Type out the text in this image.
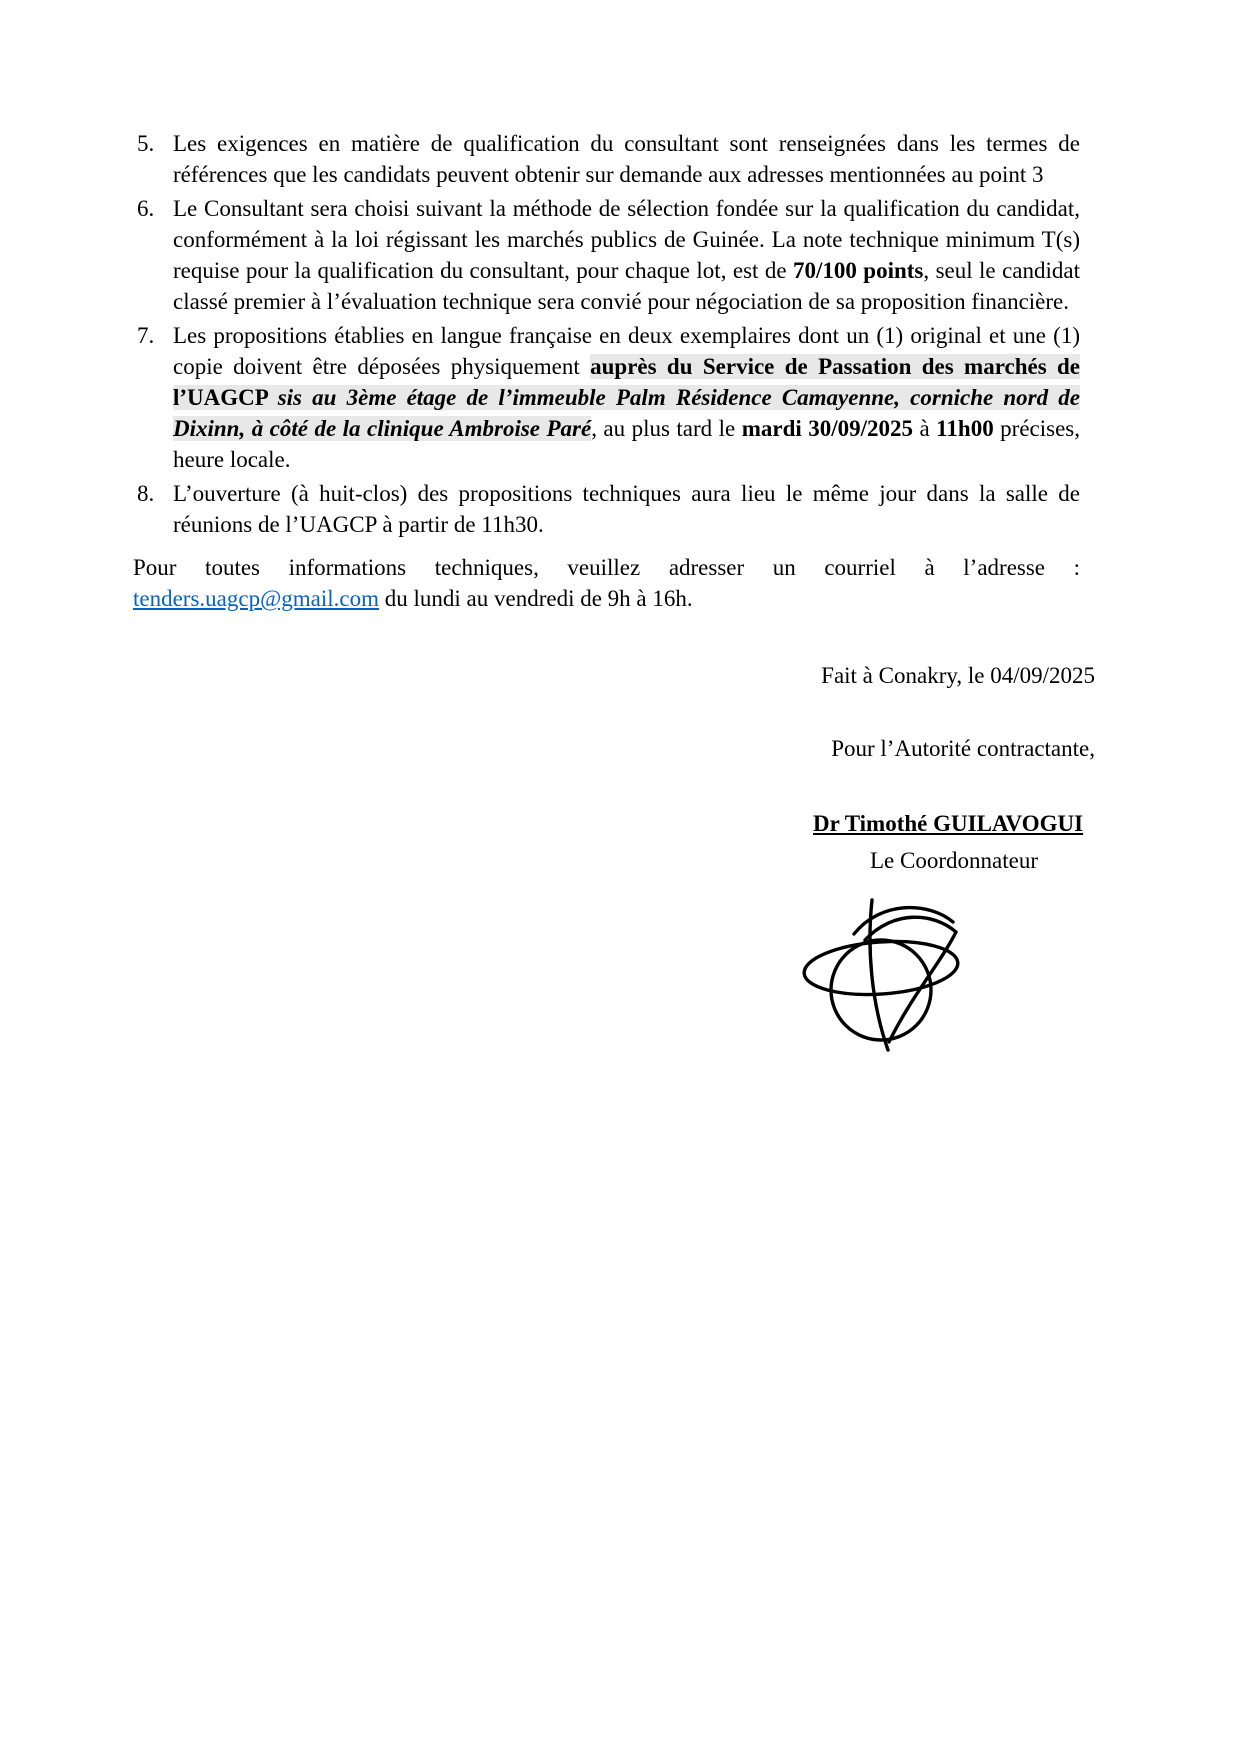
5. Les exigences en matière de qualification du consultant sont renseignées dans les termes de références que les candidats peuvent obtenir sur demande aux adresses mentionnées au point 3
6. Le Consultant sera choisi suivant la méthode de sélection fondée sur la qualification du candidat, conformément à la loi régissant les marchés publics de Guinée. La note technique minimum T(s) requise pour la qualification du consultant, pour chaque lot, est de 70/100 points, seul le candidat classé premier à l’évaluation technique sera convié pour négociation de sa proposition financière.
7. Les propositions établies en langue française en deux exemplaires dont un (1) original et une (1) copie doivent être déposées physiquement auprès du Service de Passation des marchés de l’UAGCP sis au 3ème étage de l’immeuble Palm Résidence Camayenne, corniche nord de Dixinn, à côté de la clinique Ambroise Paré, au plus tard le mardi 30/09/2025 à 11h00 précises, heure locale.
8. L’ouverture (à huit-clos) des propositions techniques aura lieu le même jour dans la salle de réunions de l’UAGCP à partir de 11h30.
Pour toutes informations techniques, veuillez adresser un courriel à l’adresse :
tenders.uagcp@gmail.com du lundi au vendredi de 9h à 16h.
Fait à Conakry, le 04/09/2025
Pour l’Autorité contractante,
Dr Timothé GUILAVOGUI
Le Coordonnateur
